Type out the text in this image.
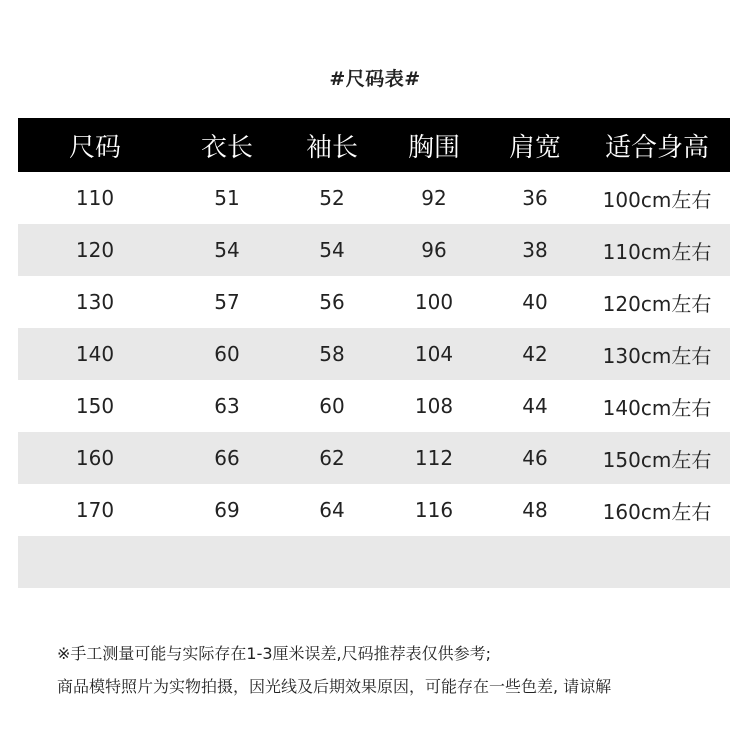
#尺码表#
尺码	衣长	袖长	胸围	肩宽	适合身高
110	51	52	92	36	100cm左右
120	54	54	96	38	110cm左右
130	57	56	100	40	120cm左右
140	60	58	104	42	130cm左右
150	63	60	108	44	140cm左右
160	66	62	112	46	150cm左右
170	69	64	116	48	160cm左右

※手工测量可能与实际存在1-3厘米误差,尺码推荐表仅供参考;
商品模特照片为实物拍摄，因光线及后期效果原因，可能存在一些色差, 请谅解
